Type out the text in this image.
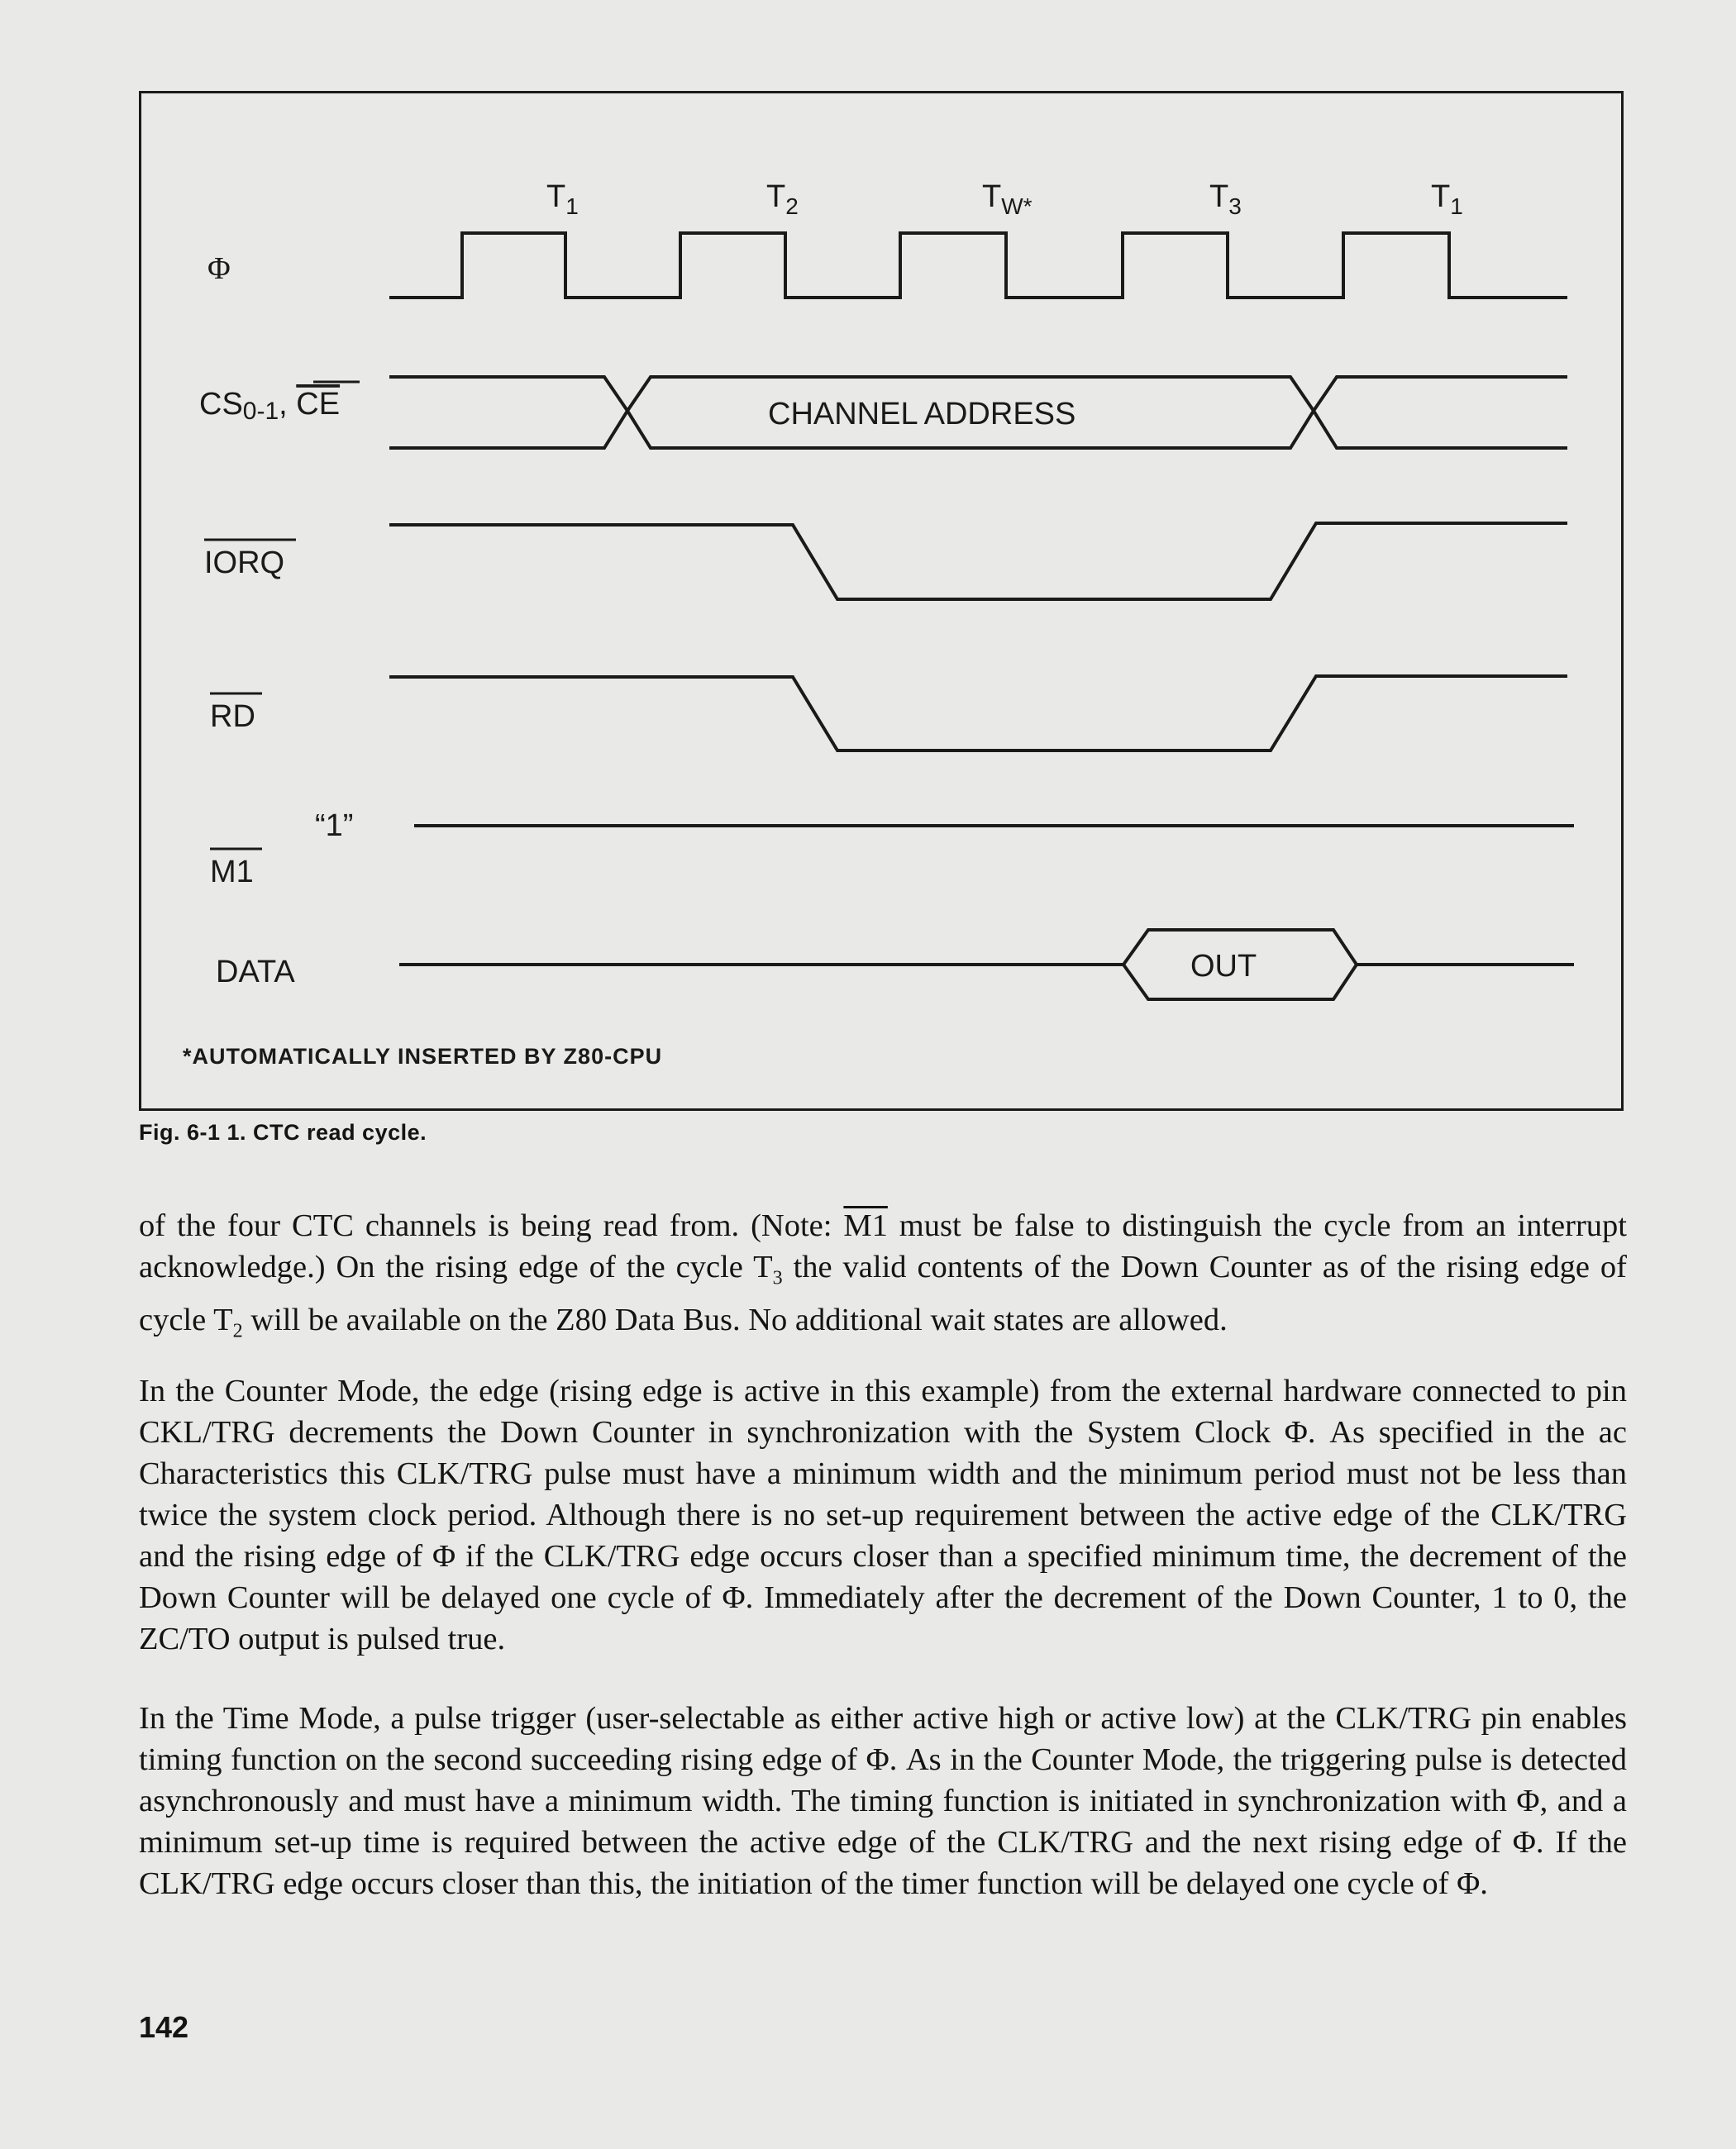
$T_1$	$T_2$	$T_{W*}$	$T_3$	$T_1$
Φ
CS0-1, CE
IORQ
RD
“1”
M1
DATA
CHANNEL ADDRESS
OUT
*AUTOMATICALLY INSERTED BY Z80-CPU
Fig. 6-1 1. CTC read cycle.

of the four CTC channels is being read from. (Note: M1 must be false to distinguish the cycle from an interrupt acknowledge.) On the rising edge of the cycle $T_3$ the valid contents of the Down Counter as of the rising edge of cycle $T_2$ will be available on the Z80 Data Bus. No additional wait states are allowed.

In the Counter Mode, the edge (rising edge is active in this example) from the external hardware connected to pin CKL/TRG decrements the Down Counter in synchronization with the System Clock Φ. As specified in the ac Characteristics this CLK/TRG pulse must have a minimum width and the minimum period must not be less than twice the system clock period. Although there is no set-up requirement between the active edge of the CLK/TRG and the rising edge of Φ if the CLK/TRG edge occurs closer than a specified minimum time, the decrement of the Down Counter will be delayed one cycle of Φ. Immediately after the decrement of the Down Counter, 1 to 0, the ZC/TO output is pulsed true.

In the Time Mode, a pulse trigger (user-selectable as either active high or active low) at the CLK/TRG pin enables timing function on the second succeeding rising edge of Φ. As in the Counter Mode, the triggering pulse is detected asynchronously and must have a minimum width. The timing function is initiated in synchronization with Φ, and a minimum set-up time is required between the active edge of the CLK/TRG and the next rising edge of Φ. If the CLK/TRG edge occurs closer than this, the initiation of the timer function will be delayed one cycle of Φ.

142
